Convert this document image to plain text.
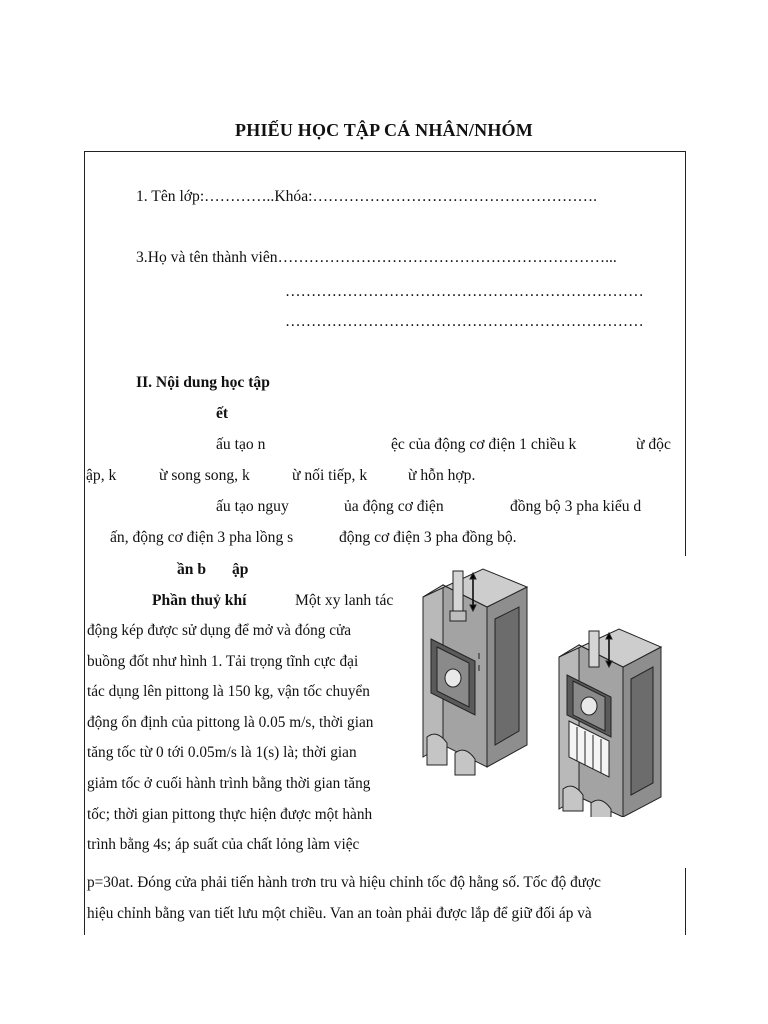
PHIẾU HỌC TẬP CÁ NHÂN/NHÓM
1. Tên lớp:…………..Khóa:……………………………………………….
3.Họ và tên thành viên………………………………………………………...
……………………………………………………………
……………………………………………………………
II. Nội dung học tập
ết
ấu tạo n	ệc của động cơ điện 1 chiều k	ừ độc
ập, k	ừ song song, k	ừ nối tiếp, k	ừ hỗn hợp.
ấu tạo nguy	ủa động cơ điện	đồng bộ 3 pha kiểu d
ấn, động cơ điện 3 pha lồng s	động cơ điện 3 pha đồng bộ.
ần b ập
Phần thuỷ khí	Một xy lanh tác
động kép được sử dụng để mở và đóng cửa
buồng đốt như hình 1. Tải trọng tĩnh cực đại
tác dụng lên pittong là 150 kg, vận tốc chuyển
động ổn định của pittong là 0.05 m/s, thời gian
tăng tốc từ 0 tới 0.05m/s là 1(s) là; thời gian
giảm tốc ở cuối hành trình bằng thời gian tăng
tốc; thời gian pittong thực hiện được một hành
trình bằng 4s; áp suất của chất lỏng làm việc
p=30at. Đóng cửa phải tiến hành trơn tru và hiệu chỉnh tốc độ hằng số. Tốc độ được
hiệu chỉnh bằng van tiết lưu một chiều. Van an toàn phải được lắp để giữ đối áp và
